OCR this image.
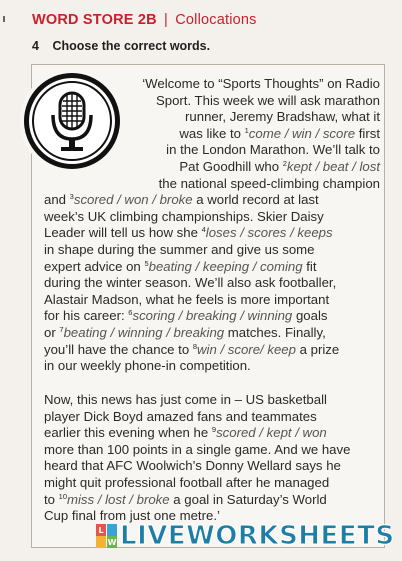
WORD STORE 2B | Collocations
4 Choose the correct words.
‘Welcome to “Sports Thoughts” on Radio
Sport. This week we will ask marathon
runner, Jeremy Bradshaw, what it
was like to $^1$come / win / score first
in the London Marathon. We’ll talk to
Pat Goodhill who $^2$kept / beat / lost
the national speed-climbing champion
and $^3$scored / won / broke a world record at last
week’s UK climbing championships. Skier Daisy
Leader will tell us how she $^4$loses / scores / keeps
in shape during the summer and give us some
expert advice on $^5$beating / keeping / coming fit
during the winter season. We’ll also ask footballer,
Alastair Madson, what he feels is more important
for his career: $^6$scoring / breaking / winning goals
or $^7$beating / winning / breaking matches. Finally,
you’ll have the chance to $^8$win / score/ keep a prize
in our weekly phone-in competition.
Now, this news has just come in – US basketball
player Dick Boyd amazed fans and teammates
earlier this evening when he $^9$scored / kept / won
more than 100 points in a single game. And we have
heard that AFC Woolwich’s Donny Wellard says he
might quit professional football after he managed
to $^{10}$miss / lost / broke a goal in Saturday’s World
Cup final from just one metre.’
L
W LIVEWORKSHEETS
